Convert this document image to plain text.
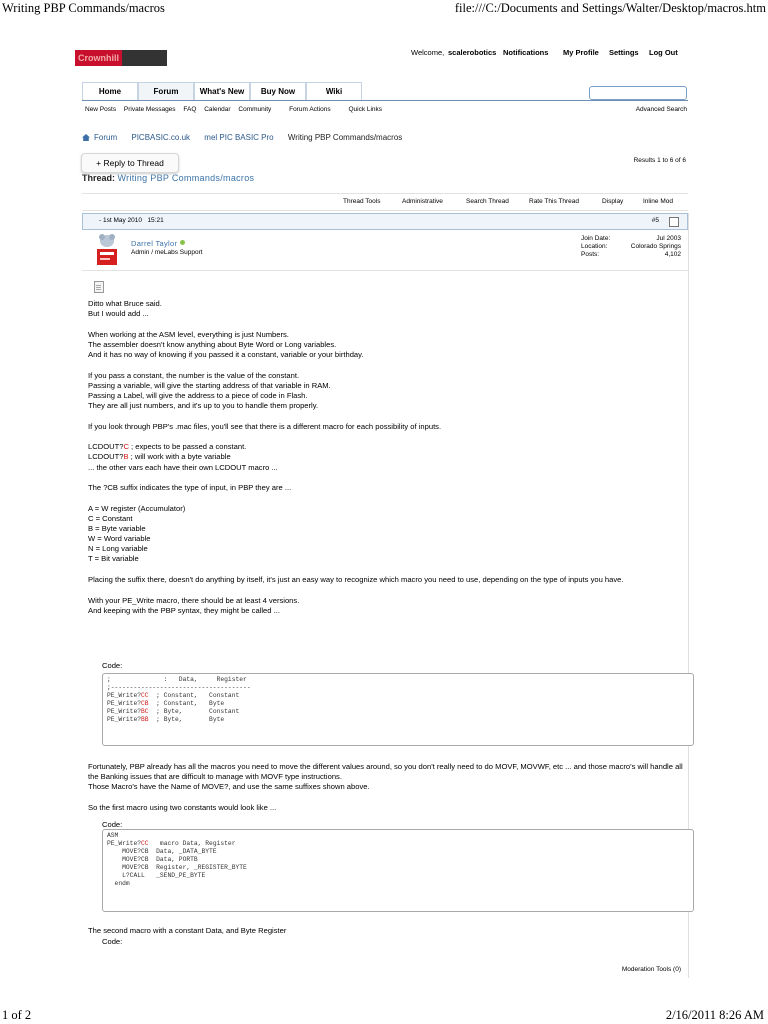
Writing PBP Commands/macros	file:///C:/Documents and Settings/Walter/Desktop/macros.htm
1 of 2	2/16/2011 8:26 AM
CrownhillAssociates
Welcome, scalerobotics Notifications My Profile Settings Log Out
Home	Forum	What's New	Buy Now	Wiki
New Posts Private Messages FAQ Calendar Community	Forum Actions	Quick Links	Advanced Search
Forum PICBASIC.co.uk mel PIC BASIC Pro Writing PBP Commands/macros
Thread: Writing PBP Commands/macros
+ Reply to Thread	Results 1 to 6 of 6
Thread Tools	Administrative	Search Thread	Rate This Thread	Display	Inline Mod
- 1st May 2010 15:21	#5
Darrel Taylor
Admin / meLabs Support
Join Date:	Jul 2003
Location:	Colorado Springs
Posts:	4,102

Ditto what Bruce said.
But I would add ...

When working at the ASM level, everything is just Numbers.
The assembler doesn't know anything about Byte Word or Long variables.
And it has no way of knowing if you passed it a constant, variable or your birthday.

If you pass a constant, the number is the value of the constant.
Passing a variable, will give the starting address of that variable in RAM.
Passing a Label, will give the address to a piece of code in Flash.
They are all just numbers, and it's up to you to handle them properly.

If you look through PBP's .mac files, you'll see that there is a different macro for each possibility of inputs.

LCDOUT?C ; expects to be passed a constant.
LCDOUT?B ; will work with a byte variable
... the other vars each have their own LCDOUT macro ...

The ?CB suffix indicates the type of input, in PBP they are ...

A = W register (Accumulator)
C = Constant
B = Byte variable
W = Word variable
N = Long variable
T = Bit variable

Placing the suffix there, doesn't do anything by itself, it's just an easy way to recognize which macro you need to use, depending on the type of inputs you have.

With your PE_Write macro, there should be at least 4 versions.
And keeping with the PBP syntax, they might be called ...

Code:
;              :   Data,     Register
;-------------------------------------
PE_Write?CC  ; Constant,   Constant
PE_Write?CB  ; Constant,   Byte
PE_Write?BC  ; Byte,       Constant
PE_Write?BB  ; Byte,       Byte

Fortunately, PBP already has all the macros you need to move the different values around, so you don't really need to do MOVF, MOVWF, etc ... and those macro's will handle all the Banking issues that are difficult to manage with MOVF type instructions.
Those Macro's have the Name of MOVE?, and use the same suffixes shown above.

So the first macro using two constants would look like ...

Code:
ASM
PE_Write?CC   macro Data, Register
MOVE?CB  Data, _DATA_BYTE
MOVE?CB  Data, PORTB
MOVE?CB  Register, _REGISTER_BYTE
L?CALL   _SEND_PE_BYTE
endm

The second macro with a constant Data, and Byte Register

Code:
Moderation Tools (0)
